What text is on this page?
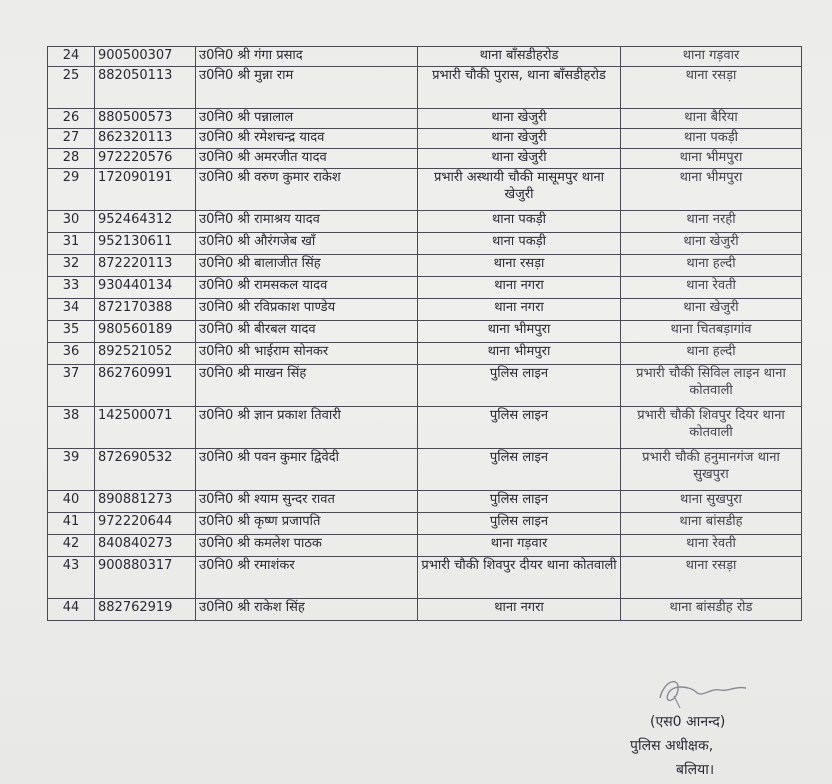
24	900500307	उ0नि0 श्री गंगा प्रसाद	थाना बाँसडीहरोड	थाना गड़वार
25	882050113	उ0नि0 श्री मुन्ना राम	प्रभारी चौकी पुरास, थाना बाँसडीहरोड	थाना रसड़ा
26	880500573	उ0नि0 श्री पन्नालाल	थाना खेजुरी	थाना बैरिया
27	862320113	उ0नि0 श्री रमेशचन्द्र यादव	थाना खेजुरी	थाना पकड़ी
28	972220576	उ0नि0 श्री अमरजीत यादव	थाना खेजुरी	थाना भीमपुरा
29	172090191	उ0नि0 श्री वरुण कुमार राकेश	प्रभारी अस्थायी चौकी मासूमपुर थाना खेजुरी	थाना भीमपुरा
30	952464312	उ0नि0 श्री रामाश्रय यादव	थाना पकड़ी	थाना नरही
31	952130611	उ0नि0 श्री औरंगजेब खाँ	थाना पकड़ी	थाना खेजुरी
32	872220113	उ0नि0 श्री बालाजीत सिंह	थाना रसड़ा	थाना हल्दी
33	930440134	उ0नि0 श्री रामसकल यादव	थाना नगरा	थाना रेवती
34	872170388	उ0नि0 श्री रविप्रकाश पाण्डेय	थाना नगरा	थाना खेजुरी
35	980560189	उ0नि0 श्री बीरबल यादव	थाना भीमपुरा	थाना चितबड़ागांव
36	892521052	उ0नि0 श्री भाईराम सोनकर	थाना भीमपुरा	थाना हल्दी
37	862760991	उ0नि0 श्री माखन सिंह	पुलिस लाइन	प्रभारी चौकी सिविल लाइन थाना कोतवाली
38	142500071	उ0नि0 श्री ज्ञान प्रकाश तिवारी	पुलिस लाइन	प्रभारी चौकी शिवपुर दियर थाना कोतवाली
39	872690532	उ0नि0 श्री पवन कुमार द्विवेदी	पुलिस लाइन	प्रभारी चौकी हनुमानगंज थाना सुखपुरा
40	890881273	उ0नि0 श्री श्याम सुन्दर रावत	पुलिस लाइन	थाना सुखपुरा
41	972220644	उ0नि0 श्री कृष्ण प्रजापति	पुलिस लाइन	थाना बांसडीह
42	840840273	उ0नि0 श्री कमलेश पाठक	थाना गड़वार	थाना रेवती
43	900880317	उ0नि0 श्री रमाशंकर	प्रभारी चौकी शिवपुर दीयर थाना कोतवाली	थाना रसड़ा
44	882762919	उ0नि0 श्री राकेश सिंह	थाना नगरा	थाना बांसडीह रोड
(एस0 आनन्द)
पुलिस अधीक्षक,
बलिया।
